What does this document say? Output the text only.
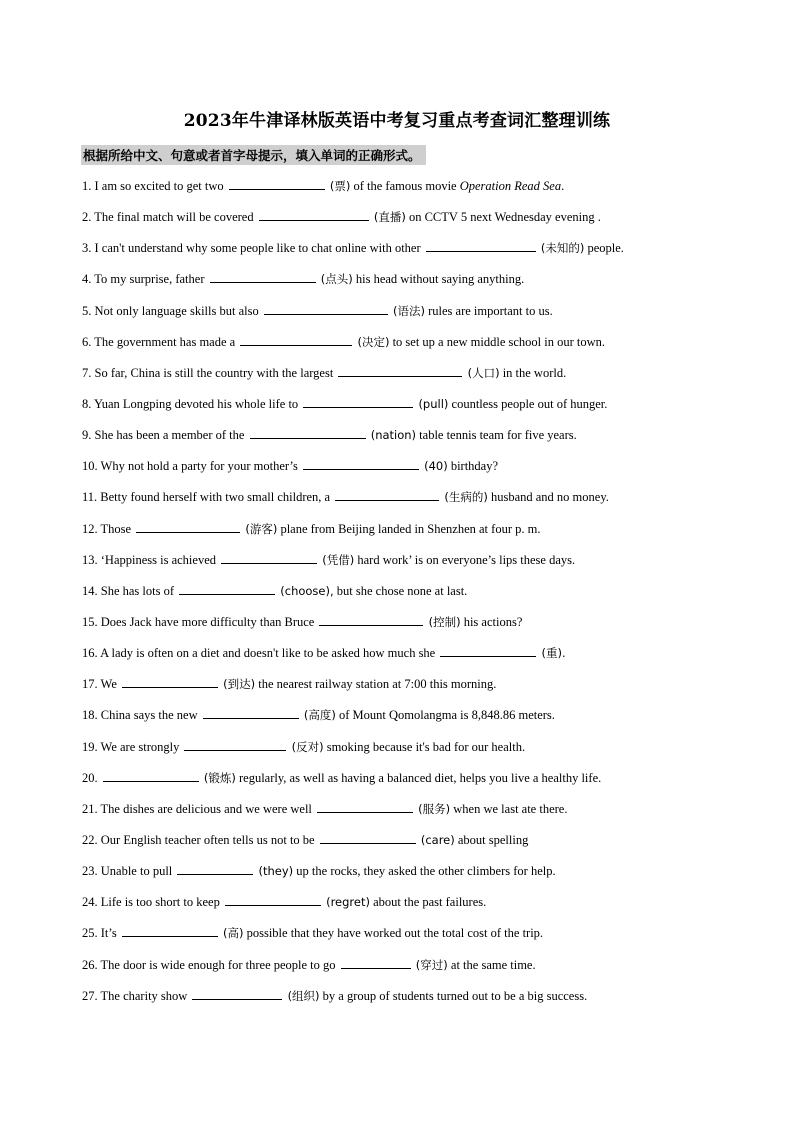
2023年牛津译林版英语中考复习重点考查词汇整理训练
根据所给中文、句意或者首字母提示，填入单词的正确形式。
1. I am so excited to get two	(票) of the famous movie Operation Read Sea.
2. The final match will be covered	(直播) on CCTV 5 next Wednesday evening .
3. I can't understand why some people like to chat online with other	(未知的) people.
4. To my surprise, father	(点头) his head without saying anything.
5. Not only language skills but also	(语法) rules are important to us.
6. The government has made a	(决定) to set up a new middle school in our town.
7. So far, China is still the country with the largest	(人口) in the world.
8. Yuan Longping devoted his whole life to	(pull) countless people out of hunger.
9. She has been a member of the	(nation) table tennis team for five years.
10. Why not hold a party for your mother’s	(40) birthday?
11. Betty found herself with two small children, a	(生病的) husband and no money.
12. Those	(游客) plane from Beijing landed in Shenzhen at four p. m.
13. ‘Happiness is achieved	(凭借) hard work’ is on everyone’s lips these days.
14. She has lots of	(choose), but she chose none at last.
15. Does Jack have more difficulty than Bruce	(控制) his actions?
16. A lady is often on a diet and doesn't like to be asked how much she	(重).
17. We	(到达) the nearest railway station at 7:00 this morning.
18. China says the new	(高度) of Mount Qomolangma is 8,848.86 meters.
19. We are strongly	(反对) smoking because it's bad for our health.
20.	(锻炼) regularly, as well as having a balanced diet, helps you live a healthy life.
21. The dishes are delicious and we were well	(服务) when we last ate there.
22. Our English teacher often tells us not to be	(care) about spelling
23. Unable to pull	(they) up the rocks, they asked the other climbers for help.
24. Life is too short to keep	(regret) about the past failures.
25. It’s	(高) possible that they have worked out the total cost of the trip.
26. The door is wide enough for three people to go	(穿过) at the same time.
27. The charity show	(组织) by a group of students turned out to be a big success.
